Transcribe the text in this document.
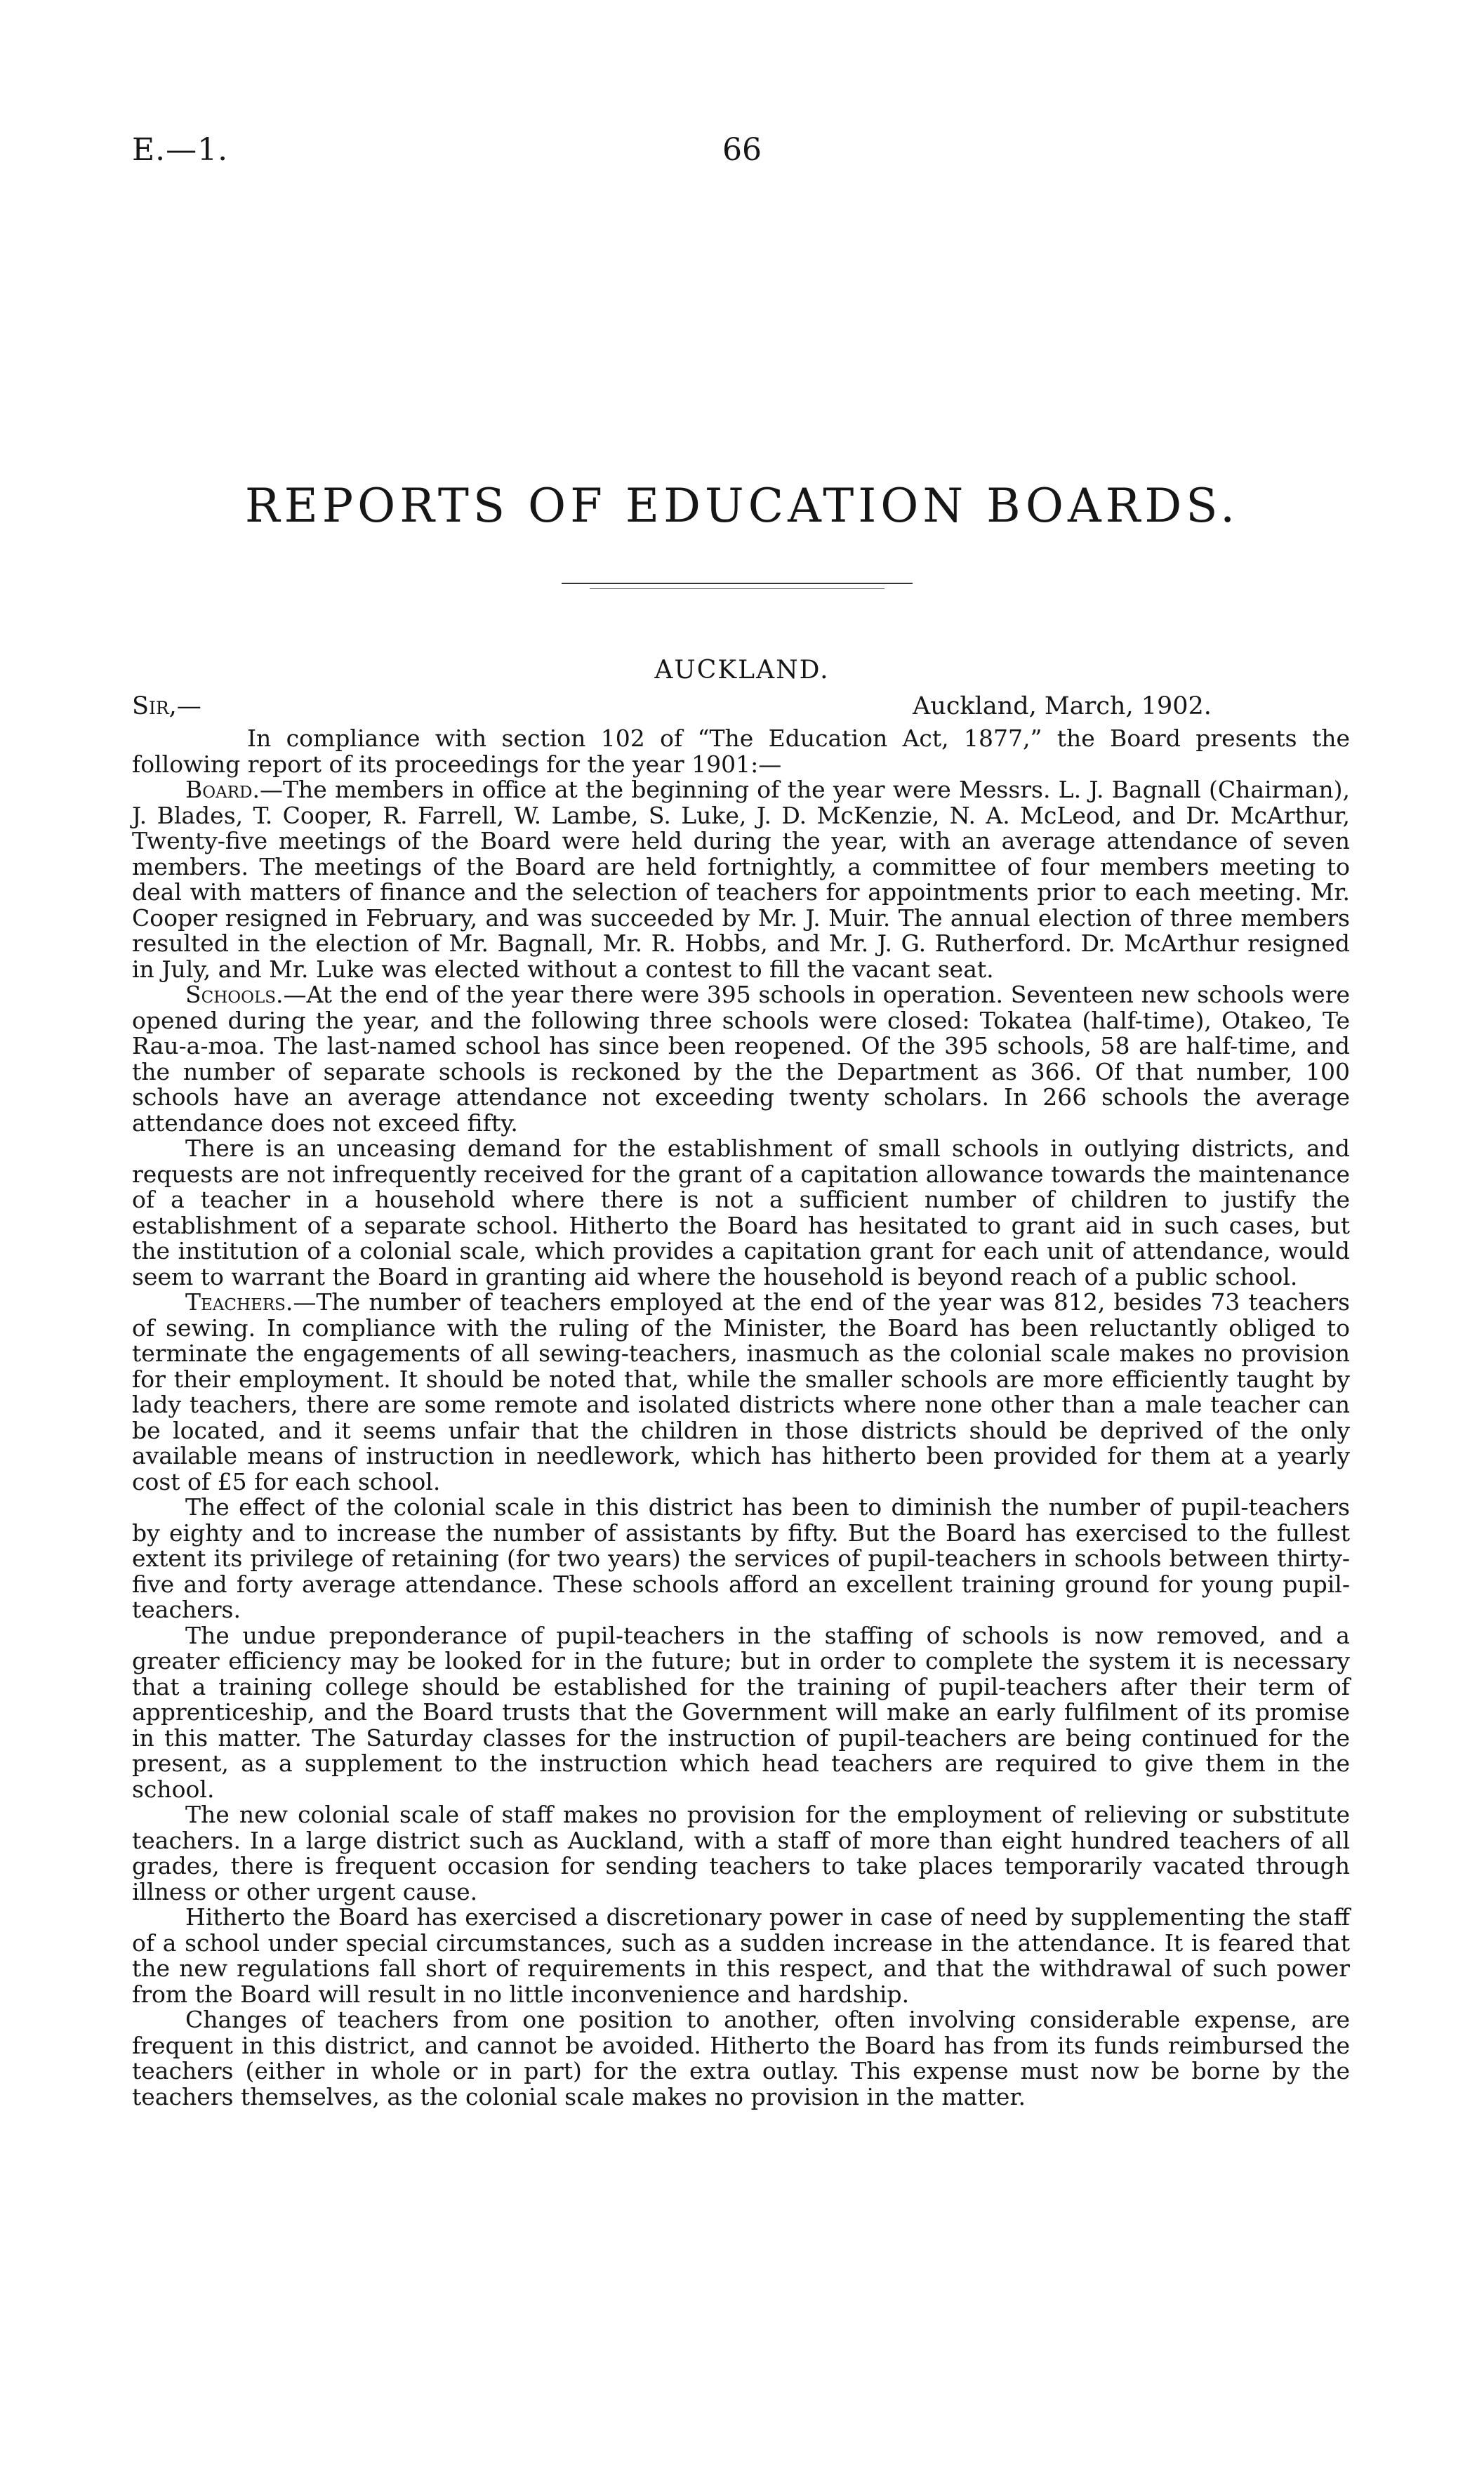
E.—1.	66
REPORTS OF EDUCATION BOARDS.
AUCKLAND.
Sir,—	Auckland, March, 1902.

In compliance with section 102 of “The Education Act, 1877,” the Board presents the following report of its proceedings for the year 1901:—

Board.—The members in office at the beginning of the year were Messrs. L. J. Bagnall (Chairman), J. Blades, T. Cooper, R. Farrell, W. Lambe, S. Luke, J. D. McKenzie, N. A. McLeod, and Dr. McArthur, Twenty-five meetings of the Board were held during the year, with an average attendance of seven members. The meetings of the Board are held fortnightly, a committee of four members meeting to deal with matters of finance and the selection of teachers for appointments prior to each meeting. Mr. Cooper resigned in February, and was succeeded by Mr. J. Muir. The annual election of three members resulted in the election of Mr. Bagnall, Mr. R. Hobbs, and Mr. J. G. Rutherford. Dr. McArthur resigned in July, and Mr. Luke was elected without a contest to fill the vacant seat.

Schools.—At the end of the year there were 395 schools in operation. Seventeen new schools were opened during the year, and the following three schools were closed: Tokatea (half-time), Otakeo, Te Rau-a-moa. The last-named school has since been reopened. Of the 395 schools, 58 are half-time, and the number of separate schools is reckoned by the the Department as 366. Of that number, 100 schools have an average attendance not exceeding twenty scholars. In 266 schools the average attendance does not exceed fifty.

There is an unceasing demand for the establishment of small schools in outlying districts, and requests are not infrequently received for the grant of a capitation allowance towards the maintenance of a teacher in a household where there is not a sufficient number of children to justify the establishment of a separate school. Hitherto the Board has hesitated to grant aid in such cases, but the institution of a colonial scale, which provides a capitation grant for each unit of attendance, would seem to warrant the Board in granting aid where the household is beyond reach of a public school.

Teachers.—The number of teachers employed at the end of the year was 812, besides 73 teachers of sewing. In compliance with the ruling of the Minister, the Board has been reluctantly obliged to terminate the engagements of all sewing-teachers, inasmuch as the colonial scale makes no provision for their employment. It should be noted that, while the smaller schools are more efficiently taught by lady teachers, there are some remote and isolated districts where none other than a male teacher can be located, and it seems unfair that the children in those districts should be deprived of the only available means of instruction in needlework, which has hitherto been provided for them at a yearly cost of £5 for each school.

The effect of the colonial scale in this district has been to diminish the number of pupil-teachers by eighty and to increase the number of assistants by fifty. But the Board has exercised to the fullest extent its privilege of retaining (for two years) the services of pupil-teachers in schools between thirty-five and forty average attendance. These schools afford an excellent training ground for young pupil-teachers.

The undue preponderance of pupil-teachers in the staffing of schools is now removed, and a greater efficiency may be looked for in the future; but in order to complete the system it is necessary that a training college should be established for the training of pupil-teachers after their term of apprenticeship, and the Board trusts that the Government will make an early fulfilment of its promise in this matter. The Saturday classes for the instruction of pupil-teachers are being continued for the present, as a supplement to the instruction which head teachers are required to give them in the school.

The new colonial scale of staff makes no provision for the employment of relieving or substitute teachers. In a large district such as Auckland, with a staff of more than eight hundred teachers of all grades, there is frequent occasion for sending teachers to take places temporarily vacated through illness or other urgent cause.

Hitherto the Board has exercised a discretionary power in case of need by supplementing the staff of a school under special circumstances, such as a sudden increase in the attendance. It is feared that the new regulations fall short of requirements in this respect, and that the withdrawal of such power from the Board will result in no little inconvenience and hardship.

Changes of teachers from one position to another, often involving considerable expense, are frequent in this district, and cannot be avoided. Hitherto the Board has from its funds reimbursed the teachers (either in whole or in part) for the extra outlay. This expense must now be borne by the teachers themselves, as the colonial scale makes no provision in the matter.
